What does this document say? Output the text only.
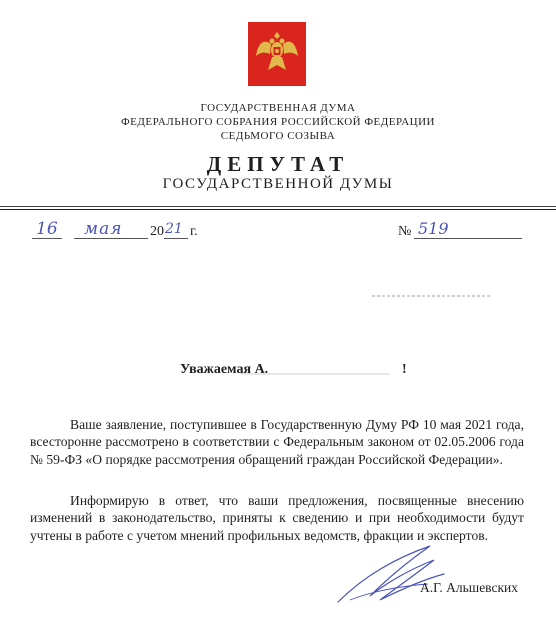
ГОСУДАРСТВЕННАЯ ДУМА
ФЕДЕРАЛЬНОГО СОБРАНИЯ РОССИЙСКОЙ ФЕДЕРАЦИИ
СЕДЬМОГО СОЗЫВА
ДЕПУТАТ
ГОСУДАРСТВЕННОЙ ДУМЫ
16 мая 20 21 г.	№ 519
Уважаемая А.	!

Ваше заявление, поступившее в Государственную Думу РФ 10 мая 2021 года, всесторонне рассмотрено в соответствии с Федеральным законом от 02.05.2006 года № 59-ФЗ «О порядке рассмотрения обращений граждан Российской Федерации».

Информирую в ответ, что ваши предложения, посвященные внесению изменений в законодательство, приняты к сведению и при необходимости будут учтены в работе с учетом мнений профильных ведомств, фракции и экспертов.

А.Г. Альшевских
